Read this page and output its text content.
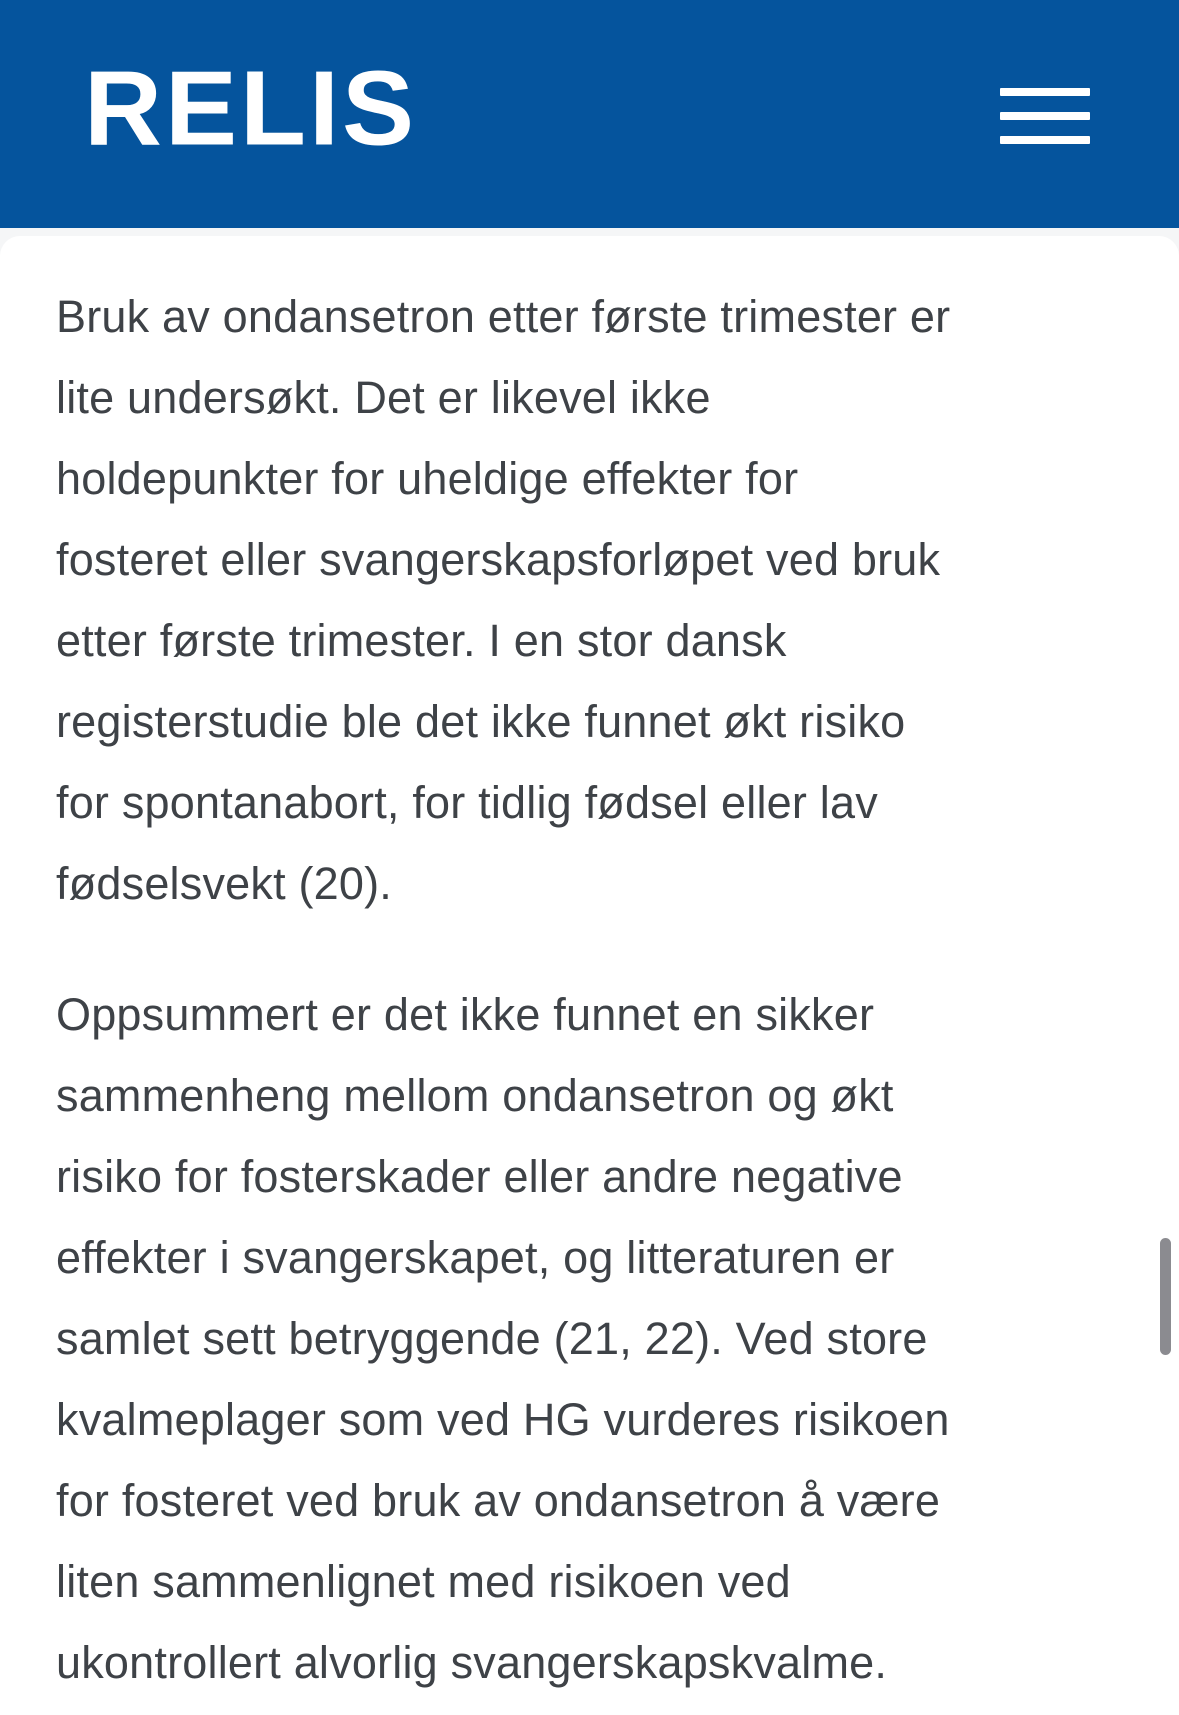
RELIS

Bruk av ondansetron etter første trimester er
lite undersøkt. Det er likevel ikke
holdepunkter for uheldige effekter for
fosteret eller svangerskapsforløpet ved bruk
etter første trimester. I en stor dansk
registerstudie ble det ikke funnet økt risiko
for spontanabort, for tidlig fødsel eller lav
fødselsvekt (20).

Oppsummert er det ikke funnet en sikker
sammenheng mellom ondansetron og økt
risiko for fosterskader eller andre negative
effekter i svangerskapet, og litteraturen er
samlet sett betryggende (21, 22). Ved store
kvalmeplager som ved HG vurderes risikoen
for fosteret ved bruk av ondansetron å være
liten sammenlignet med risikoen ved
ukontrollert alvorlig svangerskapskvalme.
